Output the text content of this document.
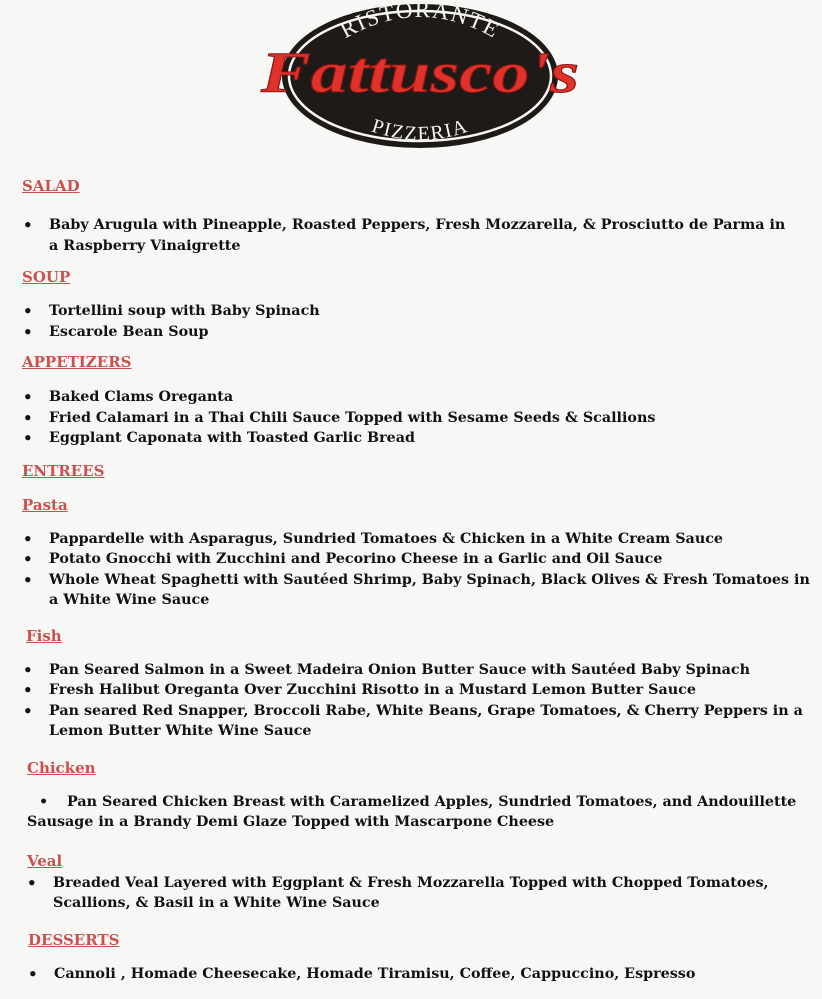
RISTORANTE
Fattusco's
PIZZERIA
SALAD
• Baby Arugula with Pineapple, Roasted Peppers, Fresh Mozzarella, & Prosciutto de Parma in a Raspberry Vinaigrette
SOUP
• Tortellini soup with Baby Spinach
• Escarole Bean Soup
APPETIZERS
• Baked Clams Oreganta
• Fried Calamari in a Thai Chili Sauce Topped with Sesame Seeds & Scallions
• Eggplant Caponata with Toasted Garlic Bread
ENTREES
Pasta
• Pappardelle with Asparagus, Sundried Tomatoes & Chicken in a White Cream Sauce
• Potato Gnocchi with Zucchini and Pecorino Cheese in a Garlic and Oil Sauce
• Whole Wheat Spaghetti with Sautéed Shrimp, Baby Spinach, Black Olives & Fresh Tomatoes in a White Wine Sauce
Fish
• Pan Seared Salmon in a Sweet Madeira Onion Butter Sauce with Sautéed Baby Spinach
• Fresh Halibut Oreganta Over Zucchini Risotto in a Mustard Lemon Butter Sauce
• Pan seared Red Snapper, Broccoli Rabe, White Beans, Grape Tomatoes, & Cherry Peppers in a Lemon Butter White Wine Sauce
Chicken
• Pan Seared Chicken Breast with Caramelized Apples, Sundried Tomatoes, and Andouillette Sausage in a Brandy Demi Glaze Topped with Mascarpone Cheese
Veal
• Breaded Veal Layered with Eggplant & Fresh Mozzarella Topped with Chopped Tomatoes, Scallions, & Basil in a White Wine Sauce
DESSERTS
• Cannoli , Homade Cheesecake, Homade Tiramisu, Coffee, Cappuccino, Espresso
